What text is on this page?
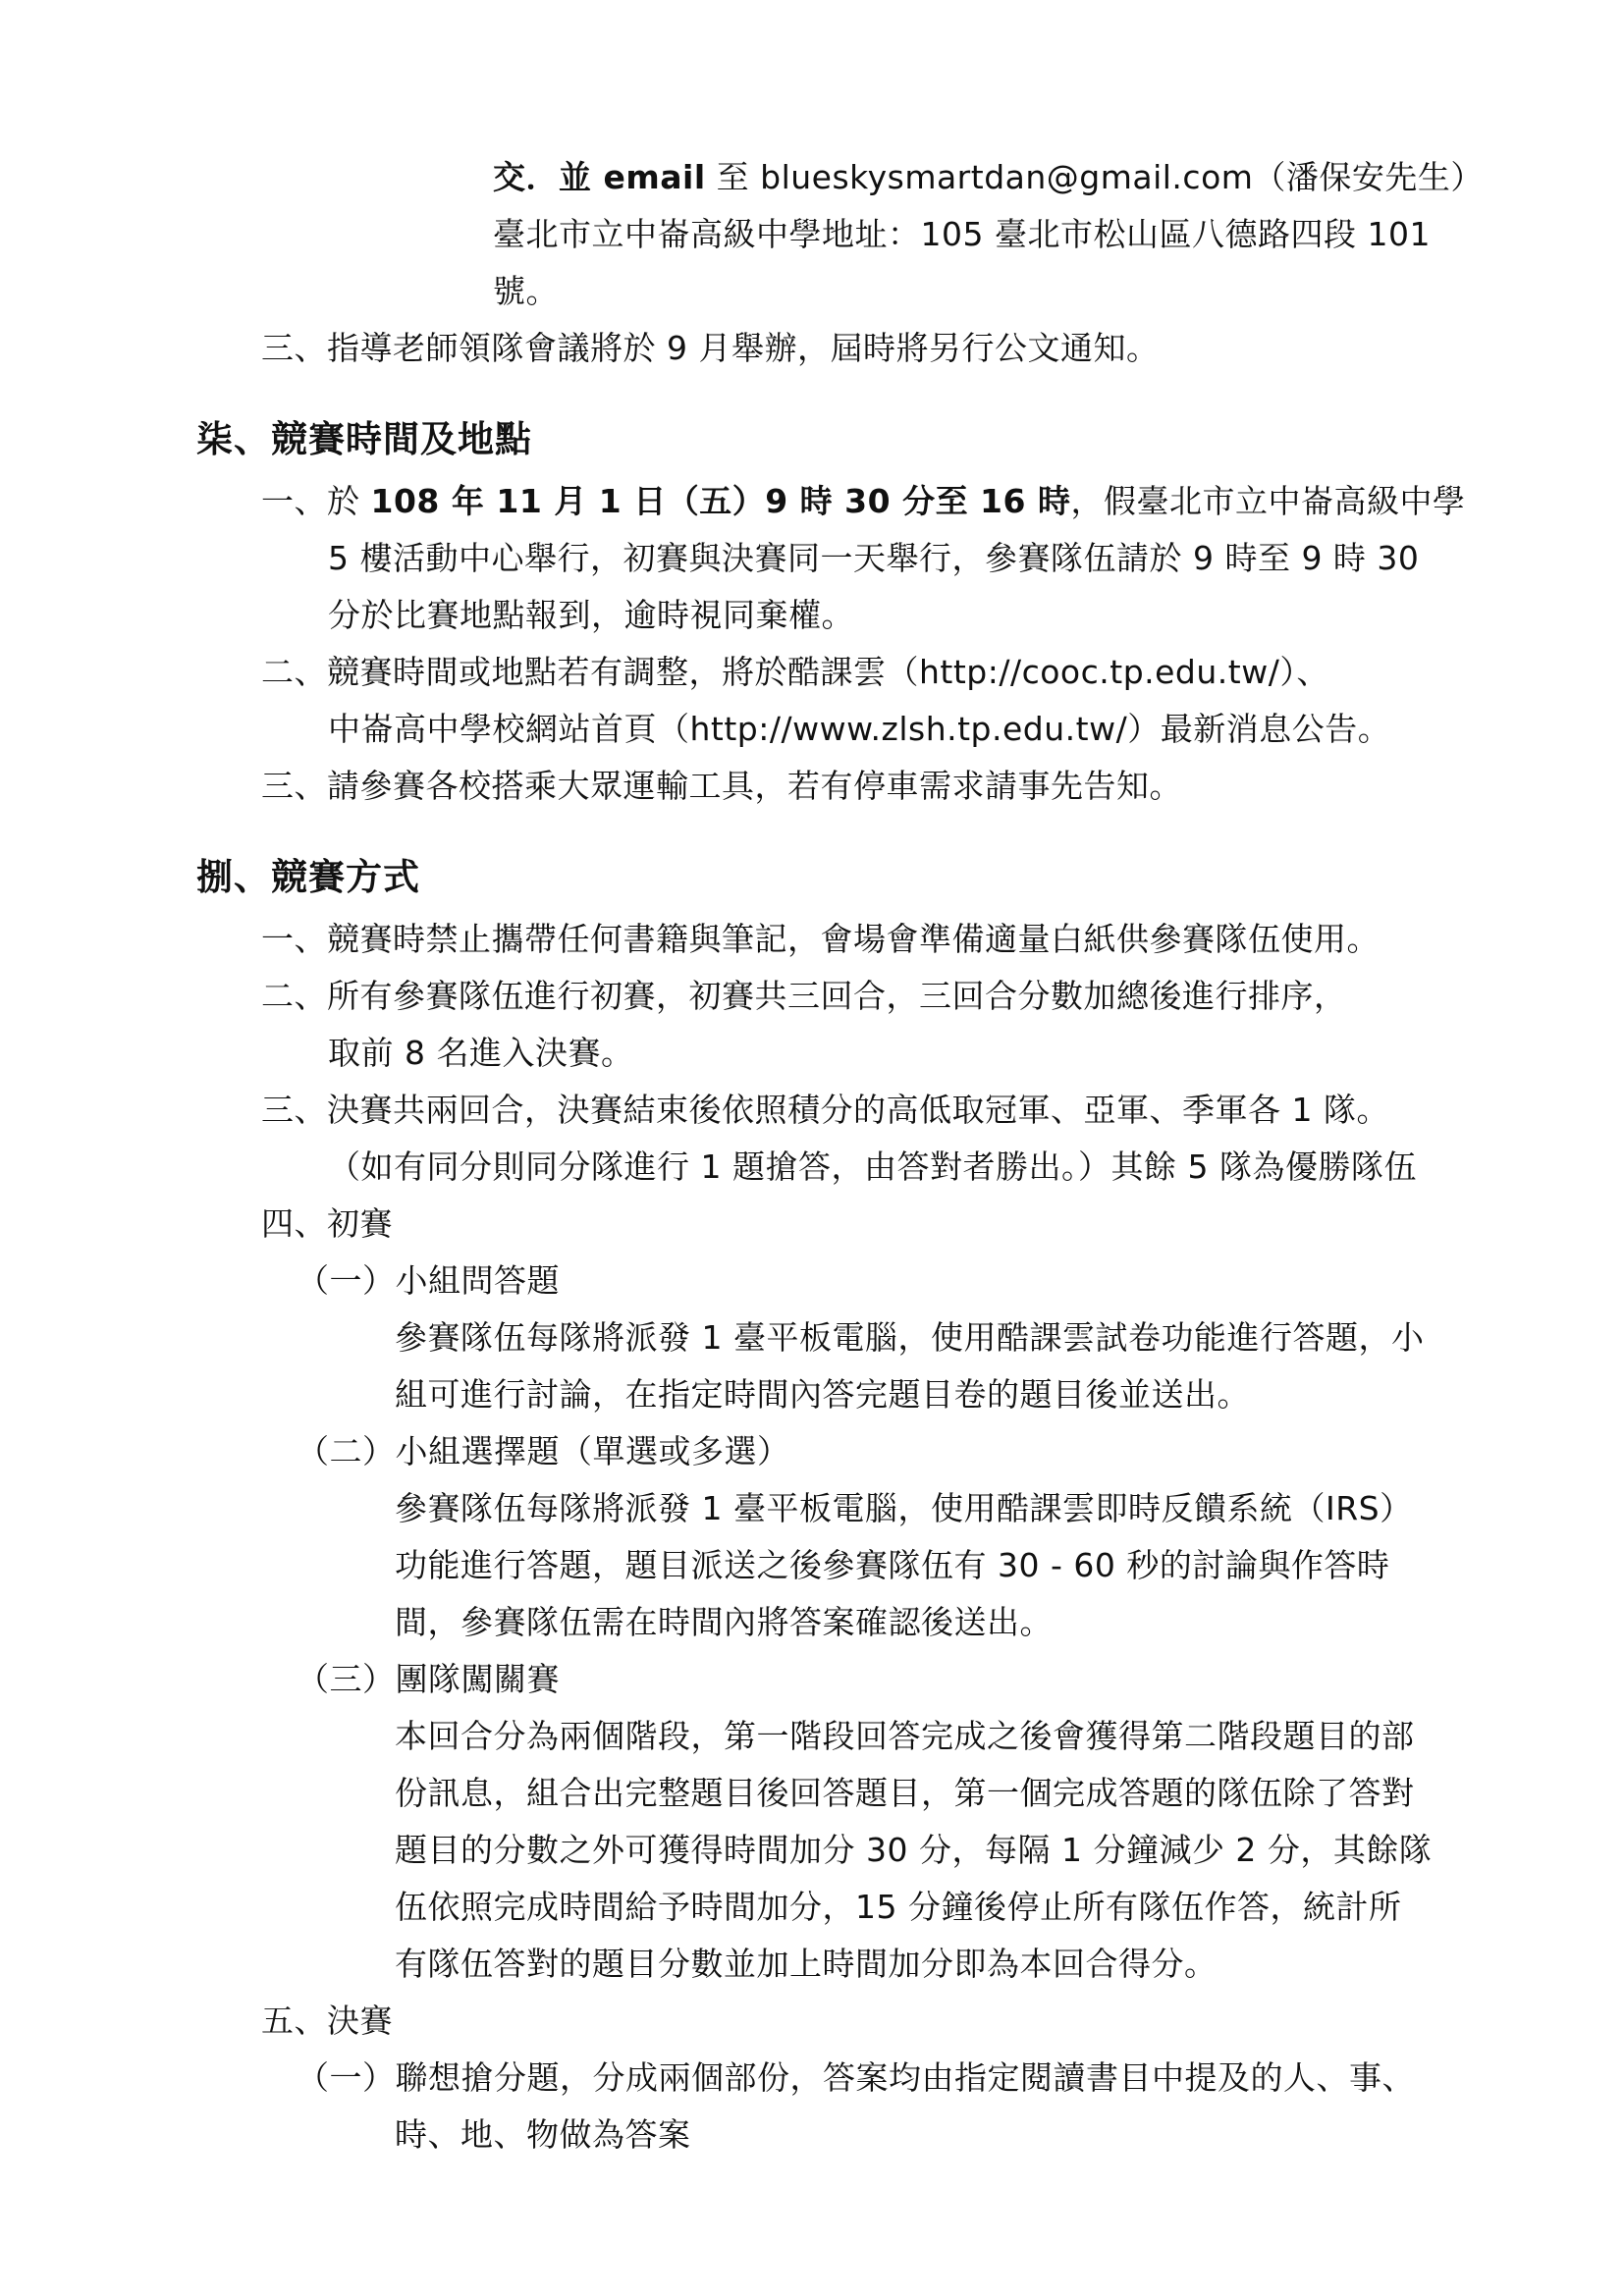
交．並 email 至 blueskysmartdan@gmail.com（潘保安先生）

臺北市立中崙高級中學地址：105 臺北市松山區八德路四段 101

號。

三、指導老師領隊會議將於 9 月舉辦，屆時將另行公文通知。

柒、競賽時間及地點

一、於 108 年 11 月 1 日（五）9 時 30 分至 16 時，假臺北市立中崙高級中學

5 樓活動中心舉行，初賽與決賽同一天舉行，參賽隊伍請於 9 時至 9 時 30

分於比賽地點報到，逾時視同棄權。

二、競賽時間或地點若有調整，將於酷課雲（http://cooc.tp.edu.tw/）、

中崙高中學校網站首頁（http://www.zlsh.tp.edu.tw/）最新消息公告。

三、請參賽各校搭乘大眾運輸工具，若有停車需求請事先告知。

捌、競賽方式

一、競賽時禁止攜帶任何書籍與筆記，會場會準備適量白紙供參賽隊伍使用。

二、所有參賽隊伍進行初賽，初賽共三回合，三回合分數加總後進行排序，

取前 8 名進入決賽。

三、決賽共兩回合，決賽結束後依照積分的高低取冠軍、亞軍、季軍各 1 隊。

（如有同分則同分隊進行 1 題搶答，由答對者勝出。）其餘 5 隊為優勝隊伍

四、初賽

（一）小組問答題

參賽隊伍每隊將派發 1 臺平板電腦，使用酷課雲試卷功能進行答題，小

組可進行討論，在指定時間內答完題目卷的題目後並送出。

（二）小組選擇題（單選或多選）

參賽隊伍每隊將派發 1 臺平板電腦，使用酷課雲即時反饋系統（IRS）

功能進行答題，題目派送之後參賽隊伍有 30 - 60 秒的討論與作答時

間，參賽隊伍需在時間內將答案確認後送出。

（三）團隊闖關賽

本回合分為兩個階段，第一階段回答完成之後會獲得第二階段題目的部

份訊息，組合出完整題目後回答題目，第一個完成答題的隊伍除了答對

題目的分數之外可獲得時間加分 30 分，每隔 1 分鐘減少 2 分，其餘隊

伍依照完成時間給予時間加分，15 分鐘後停止所有隊伍作答，統計所

有隊伍答對的題目分數並加上時間加分即為本回合得分。

五、決賽

（一）聯想搶分題，分成兩個部份，答案均由指定閱讀書目中提及的人、事、

時、地、物做為答案
